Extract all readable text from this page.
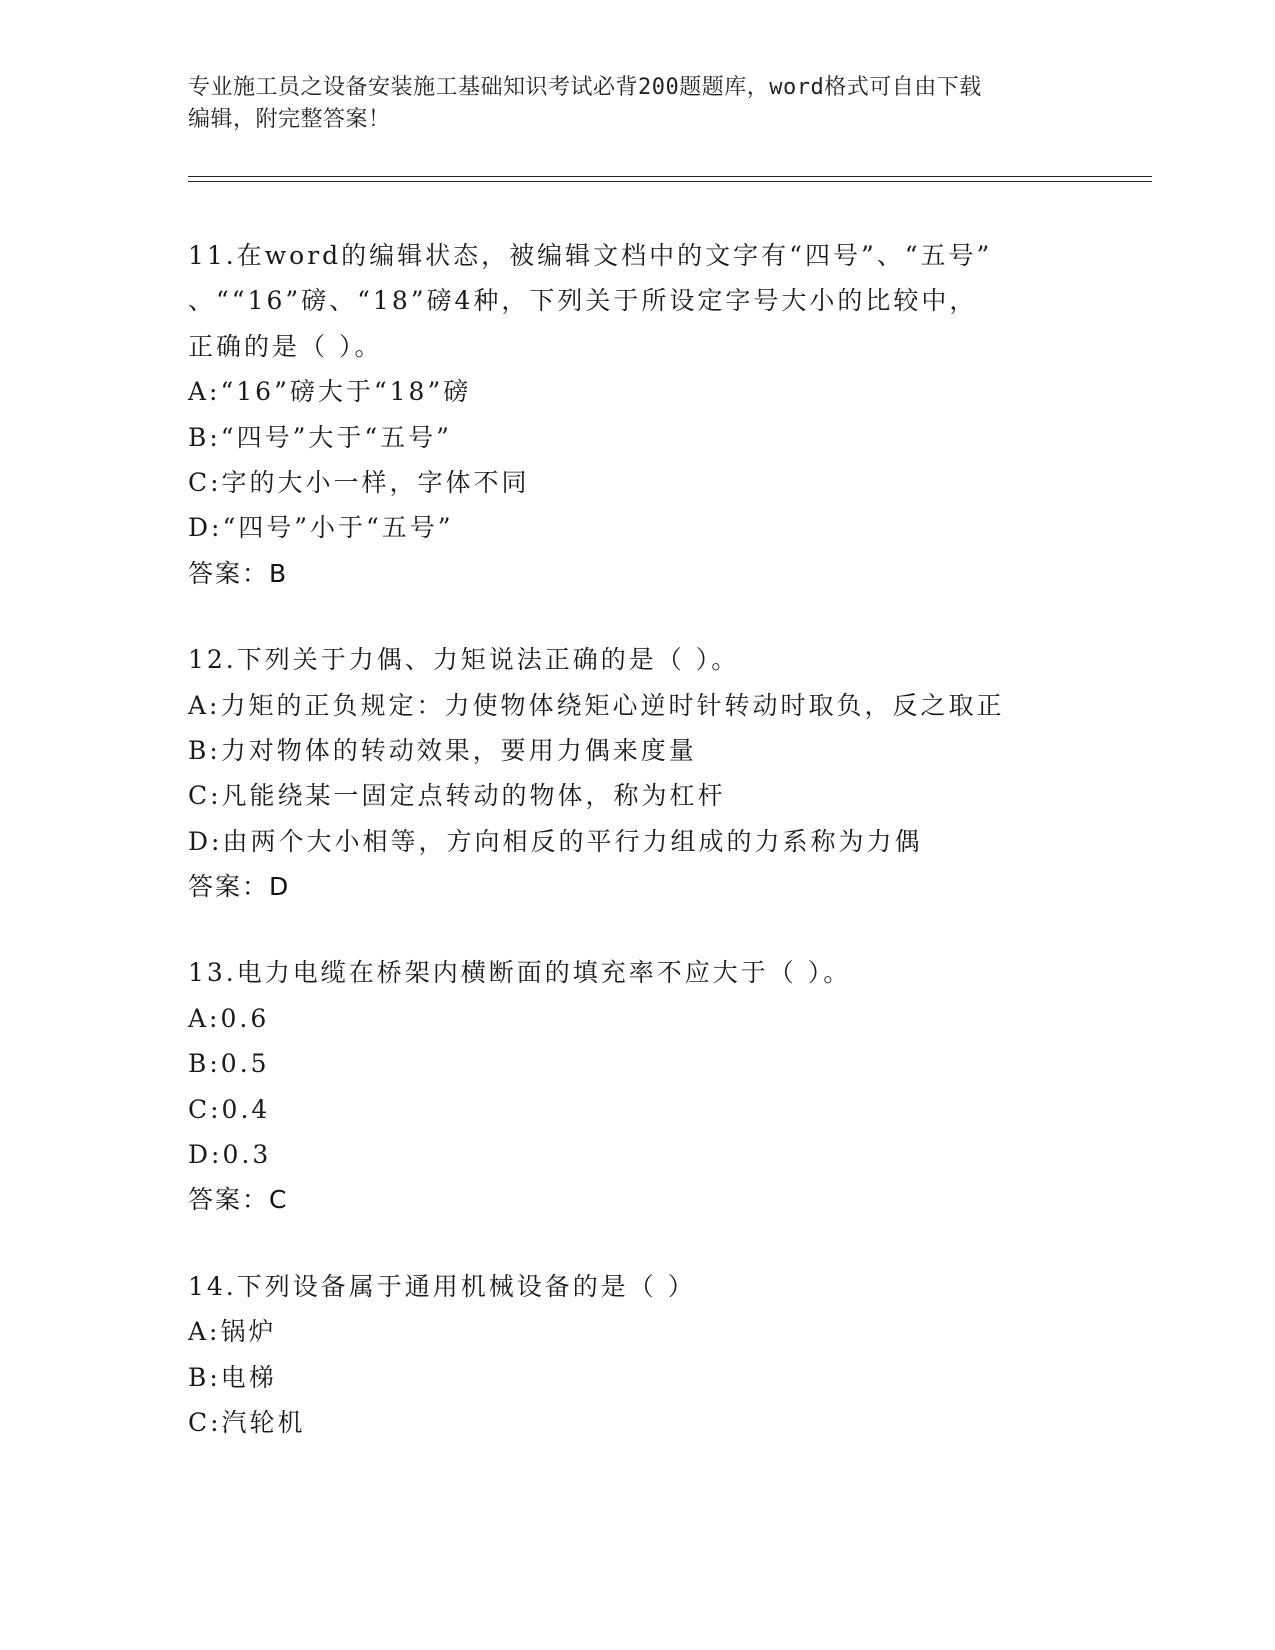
专业施工员之设备安装施工基础知识考试必背200题题库，word格式可自由下载
编辑，附完整答案！
11.在word的编辑状态，被编辑文档中的文字有“四号”、“五号”
、““16”磅、“18”磅4种，下列关于所设定字号大小的比较中，
正确的是（ ）。
A:“16”磅大于“18”磅
B:“四号”大于“五号”
C:字的大小一样，字体不同
D:“四号”小于“五号”
答案：B
12.下列关于力偶、力矩说法正确的是（ ）。
A:力矩的正负规定：力使物体绕矩心逆时针转动时取负，反之取正
B:力对物体的转动效果，要用力偶来度量
C:凡能绕某一固定点转动的物体，称为杠杆
D:由两个大小相等，方向相反的平行力组成的力系称为力偶
答案：D
13.电力电缆在桥架内横断面的填充率不应大于（ ）。
A:0.6
B:0.5
C:0.4
D:0.3
答案：C
14.下列设备属于通用机械设备的是（ ）
A:锅炉
B:电梯
C:汽轮机
